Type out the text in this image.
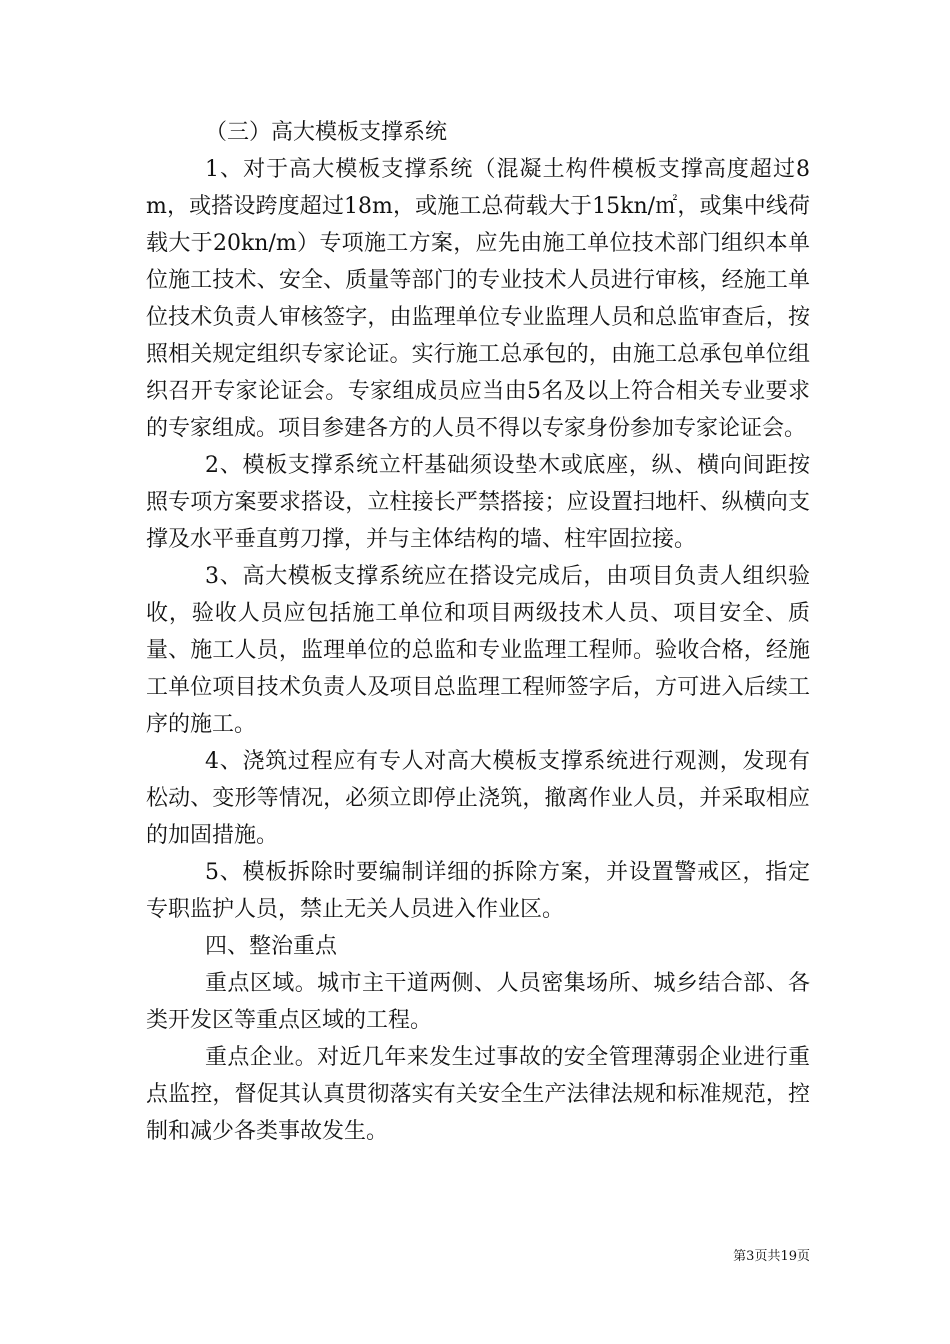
（三）高大模板支撑系统

1、对于高大模板支撑系统（混凝土构件模板支撑高度超过8m，或搭设跨度超过18m，或施工总荷载大于15kn/㎡，或集中线荷载大于20kn/m）专项施工方案，应先由施工单位技术部门组织本单位施工技术、安全、质量等部门的专业技术人员进行审核，经施工单位技术负责人审核签字，由监理单位专业监理人员和总监审查后，按照相关规定组织专家论证。实行施工总承包的，由施工总承包单位组织召开专家论证会。专家组成员应当由5名及以上符合相关专业要求的专家组成。项目参建各方的人员不得以专家身份参加专家论证会。

2、模板支撑系统立杆基础须设垫木或底座，纵、横向间距按照专项方案要求搭设，立柱接长严禁搭接；应设置扫地杆、纵横向支撑及水平垂直剪刀撑，并与主体结构的墙、柱牢固拉接。

3、高大模板支撑系统应在搭设完成后，由项目负责人组织验收，验收人员应包括施工单位和项目两级技术人员、项目安全、质量、施工人员，监理单位的总监和专业监理工程师。验收合格，经施工单位项目技术负责人及项目总监理工程师签字后，方可进入后续工序的施工。

4、浇筑过程应有专人对高大模板支撑系统进行观测，发现有松动、变形等情况，必须立即停止浇筑，撤离作业人员，并采取相应的加固措施。

5、模板拆除时要编制详细的拆除方案，并设置警戒区，指定专职监护人员，禁止无关人员进入作业区。

四、整治重点

重点区域。城市主干道两侧、人员密集场所、城乡结合部、各类开发区等重点区域的工程。

重点企业。对近几年来发生过事故的安全管理薄弱企业进行重点监控，督促其认真贯彻落实有关安全生产法律法规和标准规范，控制和减少各类事故发生。

第3页共19页
